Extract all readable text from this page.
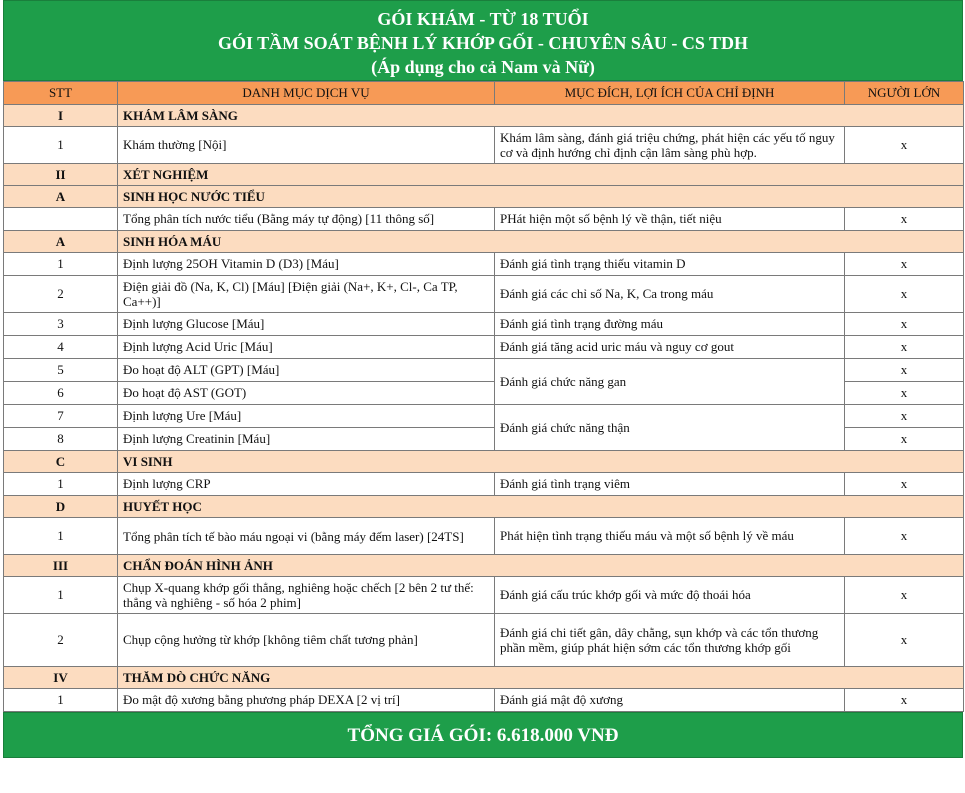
GÓI KHÁM - TỪ 18 TUỔI
GÓI TẦM SOÁT BỆNH LÝ KHỚP GỐI - CHUYÊN SÂU - CS TDH
(Áp dụng cho cả Nam và Nữ)
STT	DANH MỤC DỊCH VỤ	MỤC ĐÍCH, LỢI ÍCH CỦA CHỈ ĐỊNH	NGƯỜI LỚN
I	KHÁM LÂM SÀNG		
1	Khám thường [Nội]	Khám lâm sàng, đánh giá triệu chứng, phát hiện các yếu tố nguy cơ và định hướng chỉ định cận lâm sàng phù hợp.	x
II	XÉT NGHIỆM		
A	SINH HỌC NƯỚC TIỂU		
	Tổng phân tích nước tiểu (Bằng máy tự động) [11 thông số]	PHát hiện một số bệnh lý về thận, tiết niệu	x
A	SINH HÓA MÁU		
1	Định lượng 25OH Vitamin D (D3) [Máu]	Đánh giá tình trạng thiếu vitamin D	x
2	Điện giải đồ (Na, K, Cl) [Máu] [Điện giải (Na+, K+, Cl-, Ca TP, Ca++)]	Đánh giá các chỉ số Na, K, Ca trong máu	x
3	Định lượng Glucose [Máu]	Đánh giá tình trạng đường máu	x
4	Định lượng Acid Uric [Máu]	Đánh giá tăng acid uric máu và nguy cơ gout	x
5	Đo hoạt độ ALT (GPT) [Máu]	Đánh giá chức năng gan	x
6	Đo hoạt độ AST (GOT)		x
7	Định lượng Ure [Máu]	Đánh giá chức năng thận	x
8	Định lượng Creatinin [Máu]		x
C	VI SINH		
1	Định lượng CRP	Đánh giá tình trạng viêm	x
D	HUYẾT HỌC		
1	Tổng phân tích tế bào máu ngoại vi (bằng máy đếm laser) [24TS]	Phát hiện tình trạng thiếu máu và một số bệnh lý về máu	x
III	CHẨN ĐOÁN HÌNH ẢNH		
1	Chụp X-quang khớp gối thẳng, nghiêng hoặc chếch [2 bên 2 tư thế: thẳng và nghiêng - số hóa 2 phim]	Đánh giá cấu trúc khớp gối và mức độ thoái hóa	x
2	Chụp cộng hưởng từ khớp [không tiêm chất tương phản]	Đánh giá chi tiết gân, dây chằng, sụn khớp và các tổn thương phần mềm, giúp phát hiện sớm các tổn thương khớp gối	x
IV	THĂM DÒ CHỨC NĂNG		
1	Đo mật độ xương bằng phương pháp DEXA [2 vị trí]	Đánh giá mật độ xương	x
TỔNG GIÁ GÓI: 6.618.000 VNĐ
